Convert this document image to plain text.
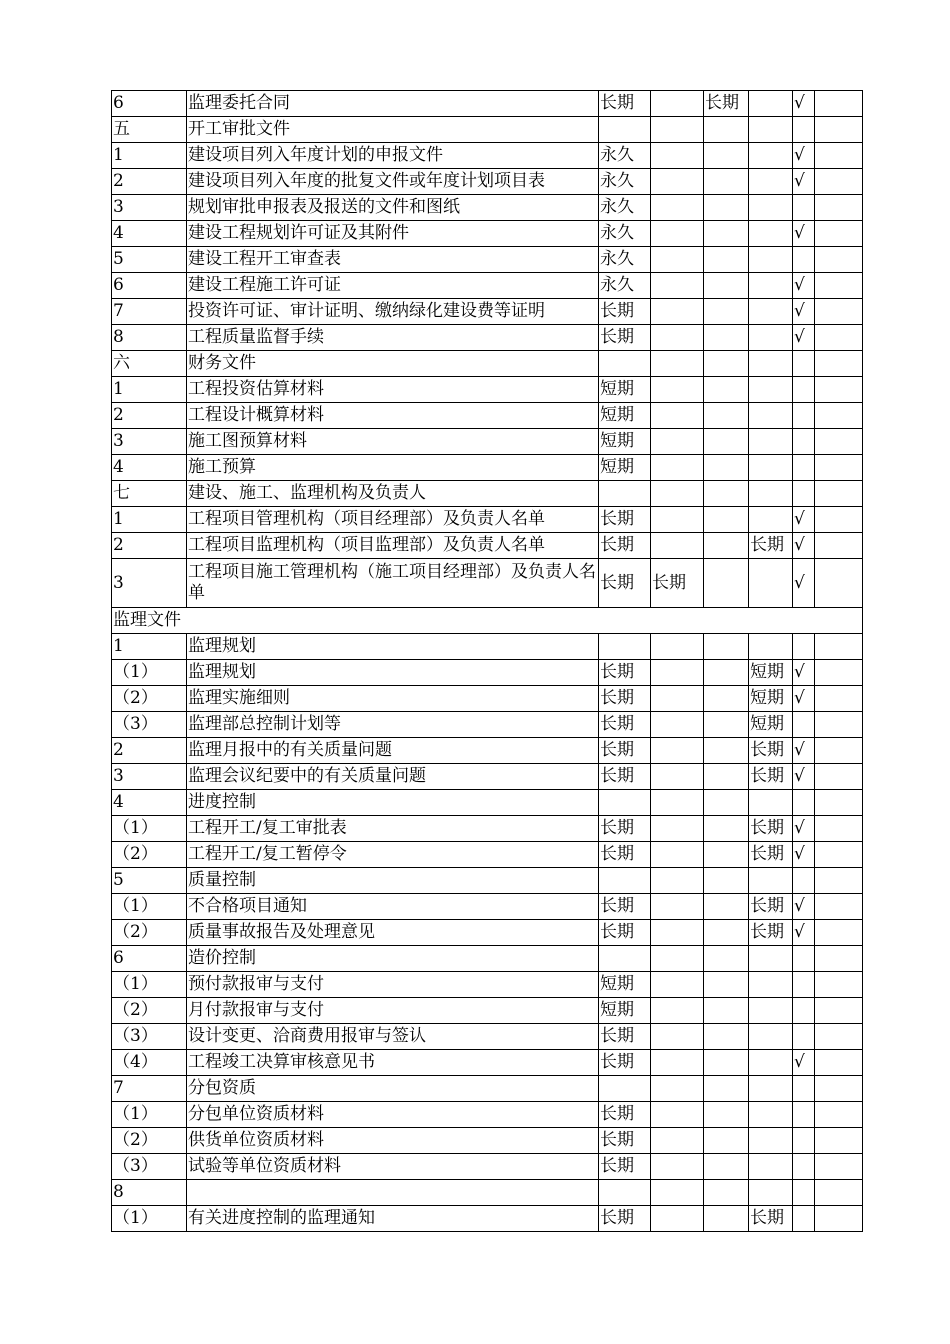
6	监理委托合同	长期		长期		√	
五	开工审批文件						
1	建设项目列入年度计划的申报文件	永久				√	
2	建设项目列入年度的批复文件或年度计划项目表	永久				√	
3	规划审批申报表及报送的文件和图纸	永久					
4	建设工程规划许可证及其附件	永久				√	
5	建设工程开工审查表	永久					
6	建设工程施工许可证	永久				√	
7	投资许可证、审计证明、缴纳绿化建设费等证明	长期				√	
8	工程质量监督手续	长期				√	
六	财务文件						
1	工程投资估算材料	短期					
2	工程设计概算材料	短期					
3	施工图预算材料	短期					
4	施工预算	短期					
七	建设、施工、监理机构及负责人						
1	工程项目管理机构（项目经理部）及负责人名单	长期				√	
2	工程项目监理机构（项目监理部）及负责人名单	长期			长期	√	
3	工程项目施工管理机构（施工项目经理部）及负责人名单	长期	长期			√	
监理文件							
1	监理规划						
（1）	监理规划	长期			短期	√	
（2）	监理实施细则	长期			短期	√	
（3）	监理部总控制计划等	长期			短期		
2	监理月报中的有关质量问题	长期			长期	√	
3	监理会议纪要中的有关质量问题	长期			长期	√	
4	进度控制						
（1）	工程开工/复工审批表	长期			长期	√	
（2）	工程开工/复工暂停令	长期			长期	√	
5	质量控制						
（1）	不合格项目通知	长期			长期	√	
（2）	质量事故报告及处理意见	长期			长期	√	
6	造价控制						
（1）	预付款报审与支付	短期					
（2）	月付款报审与支付	短期					
（3）	设计变更、洽商费用报审与签认	长期					
（4）	工程竣工决算审核意见书	长期				√	
7	分包资质						
（1）	分包单位资质材料	长期					
（2）	供货单位资质材料	长期					
（3）	试验等单位资质材料	长期					
8							
（1）	有关进度控制的监理通知	长期			长期		
